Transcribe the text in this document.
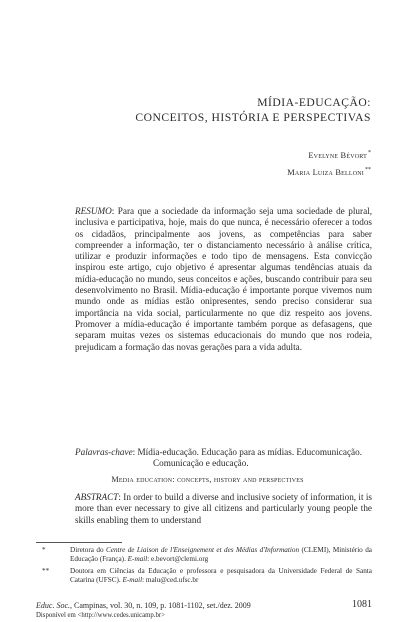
MÍDIA-EDUCAÇÃO:
CONCEITOS, HISTÓRIA E PERSPECTIVAS
Evelyne Bévort*
Maria Luiza Belloni**

RESUMO: Para que a sociedade da informação seja uma sociedade de plural, inclusiva e participativa, hoje, mais do que nunca, é necessário oferecer a todos os cidadãos, principalmente aos jovens, as competências para saber compreender a informação, ter o distanciamento necessário à análise crítica, utilizar e produzir informações e todo tipo de mensagens. Esta convicção inspirou este artigo, cujo objetivo é apresentar algumas tendências atuais da mídia-educação no mundo, seus conceitos e ações, buscando contribuir para seu desenvolvimento no Brasil. Mídia-educação é importante porque vivemos num mundo onde as mídias estão onipresentes, sendo preciso considerar sua importância na vida social, particularmente no que diz respeito aos jovens. Promover a mídia-educação é importante também porque as defasagens, que separam muitas vezes os sistemas educacionais do mundo que nos rodeia, prejudicam a formação das novas gerações para a vida adulta.

Palavras-chave: Mídia-educação. Educação para as mídias. Educomunicação. Comunicação e educação.
Media education: concepts, history and perspectives
ABSTRACT: In order to build a diverse and inclusive society of information, it is more than ever necessary to give all citizens and particularly young people the skills enabling them to understand
*	Diretora do Centre de Liaison de l'Enseignement et des Médias d'Information (CLEMI), Ministério da Educação (França). E-mail: e.bevort@clemi.org
**	Doutora em Ciências da Educação e professora e pesquisadora da Universidade Federal de Santa Catarina (UFSC). E-mail: malu@ced.ufsc.br
Educ. Soc., Campinas, vol. 30, n. 109, p. 1081-1102, set./dez. 2009	1081
Disponível em <http://www.cedes.unicamp.br>
